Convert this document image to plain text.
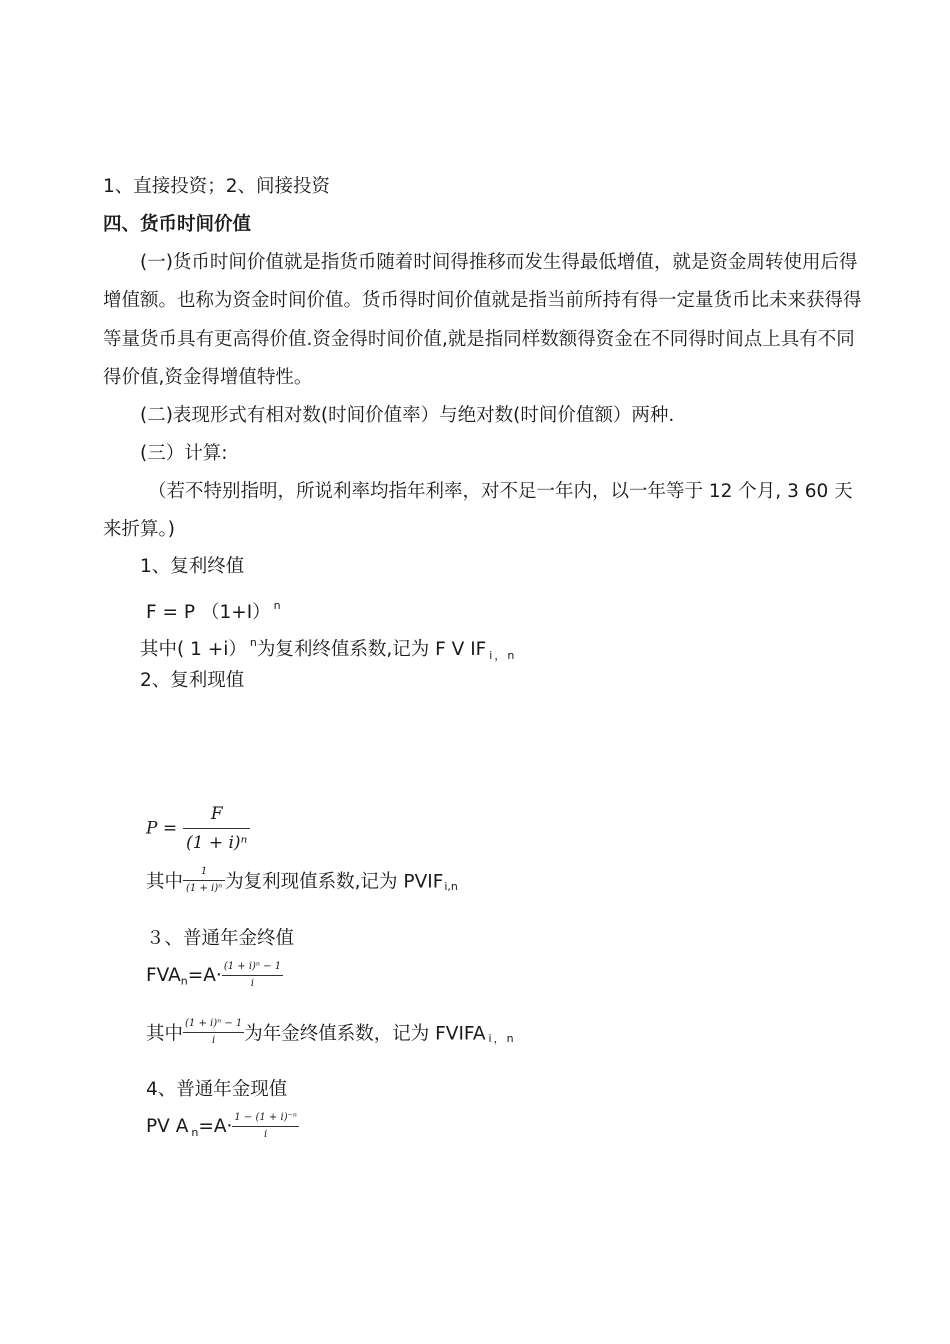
1、直接投资；2、间接投资
四、货币时间价值
(一)货币时间价值就是指货币随着时间得推移而发生得最低增值，就是资金周转使用后得增值额。也称为资金时间价值。货币得时间价值就是指当前所持有得一定量货币比未来获得得等量货币具有更高得价值.资金得时间价值,就是指同样数额得资金在不同得时间点上具有不同得价值,资金得增值特性。
(二)表现形式有相对数(时间价值率）与绝对数(时间价值额）两种.
(三）计算:
（若不特别指明，所说利率均指年利率，对不足一年内，以一年等于 12 个月, 3 60 天来折算。)
1、复利终值
F = P （1+I） $^n$
其中( 1 +i） $^n$为复利终值系数,记为 F V IF $_{i,n}$
2、复利现值
$P = \frac{F}{\text{(1 + 𝑖)ⁿ}}$
其中 $\frac{1}{\text{(1 + 𝑖)ⁿ}}$ 为复利现值系数,记为 $PVIF_{i,n}$
３、普通年金终值
$FVA_n=A\cdot \frac{\text{(1 + i)ⁿ − 1}}{i}$
其中 $\frac{\text{(1 + 𝑖)ⁿ − 1}}{i}$ 为年金终值系数，记为 FVIFA $_{i,n}$
4、普通年金现值
PV A $_n=A\cdot \frac{\text{1 − (1 + 𝑖)⁻ⁿ}}{i}$
